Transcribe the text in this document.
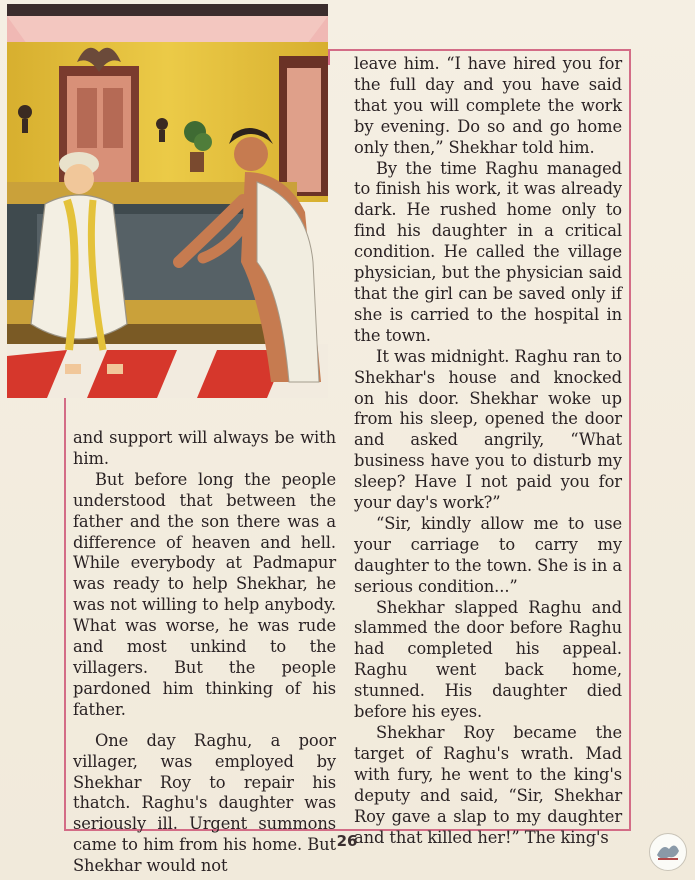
and support will always be with him.

But before long the people understood that between the father and the son there was a difference of heaven and hell. While everybody at Padmapur was ready to help Shekhar, he was not willing to help anybody. What was worse, he was rude and most unkind to the villagers. But the people pardoned him thinking of his father.

One day Raghu, a poor villager, was employed by Shekhar Roy to repair his thatch. Raghu's daughter was seriously ill. Urgent summons came to him from his home. But Shekhar would not

leave him. “I have hired you for the full day and you have said that you will complete the work by evening. Do so and go home only then,” Shekhar told him.

By the time Raghu managed to finish his work, it was already dark. He rushed home only to find his daughter in a critical condition. He called the village physician, but the physician said that the girl can be saved only if she is carried to the hospital in the town.

It was midnight. Raghu ran to Shekhar's house and knocked on his door. Shekhar woke up from his sleep, opened the door and asked angrily, “What business have you to disturb my sleep? Have I not paid you for your day's work?”

“Sir, kindly allow me to use your carriage to carry my daughter to the town. She is in a serious condition...”

Shekhar slapped Raghu and slammed the door before Raghu had completed his appeal. Raghu went back home, stunned. His daughter died before his eyes.

Shekhar Roy became the target of Raghu's wrath. Mad with fury, he went to the king's deputy and said, “Sir, Shekhar Roy gave a slap to my daughter and that killed her!” The king's

26
